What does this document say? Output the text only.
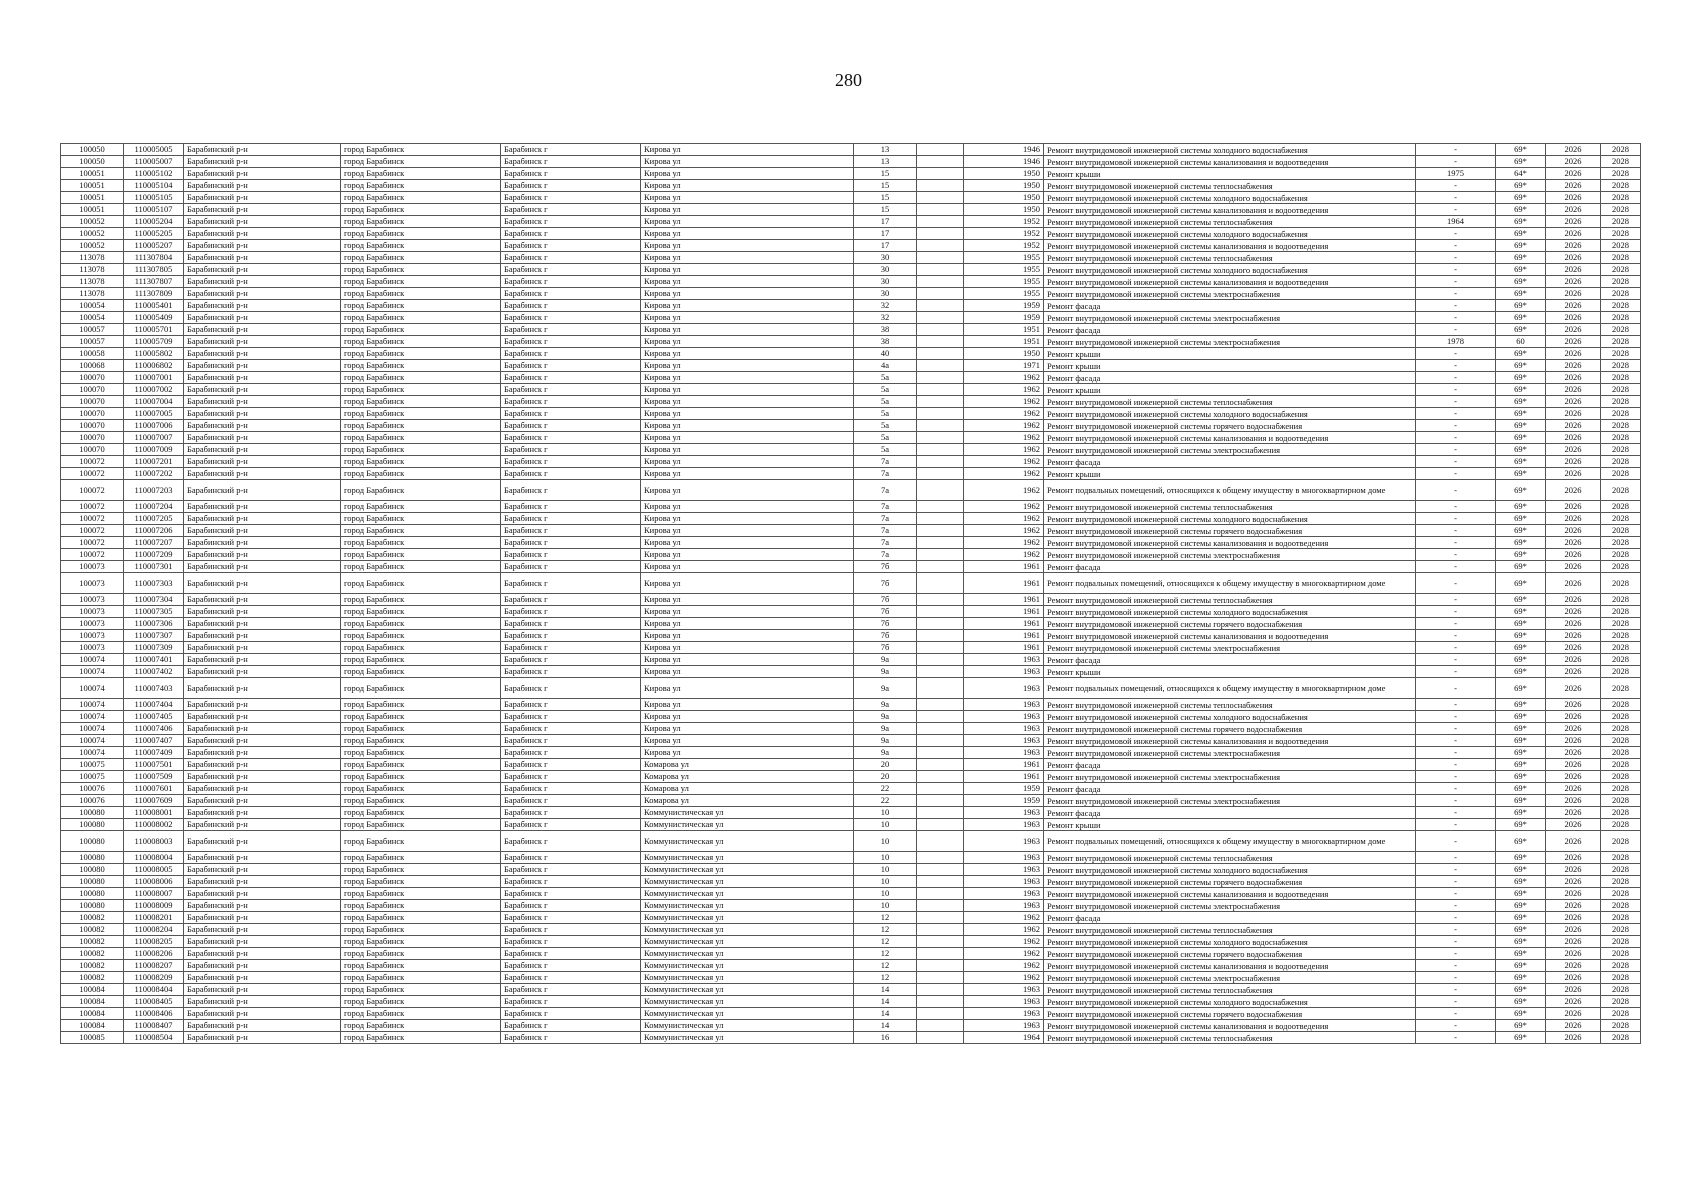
280
100050	110005005	Барабинский р-н	город Барабинск	Барабинск г	Кирова ул	13		1946	Ремонт внутридомовой инженерной системы холодного водоснабжения	-	69*	2026	2028
100050	110005007	Барабинский р-н	город Барабинск	Барабинск г	Кирова ул	13		1946	Ремонт внутридомовой инженерной системы канализования и водоотведения	-	69*	2026	2028
100051	110005102	Барабинский р-н	город Барабинск	Барабинск г	Кирова ул	15		1950	Ремонт крыши	1975	64*	2026	2028
100051	110005104	Барабинский р-н	город Барабинск	Барабинск г	Кирова ул	15		1950	Ремонт внутридомовой инженерной системы теплоснабжения	-	69*	2026	2028
100051	110005105	Барабинский р-н	город Барабинск	Барабинск г	Кирова ул	15		1950	Ремонт внутридомовой инженерной системы холодного водоснабжения	-	69*	2026	2028
100051	110005107	Барабинский р-н	город Барабинск	Барабинск г	Кирова ул	15		1950	Ремонт внутридомовой инженерной системы канализования и водоотведения	-	69*	2026	2028
100052	110005204	Барабинский р-н	город Барабинск	Барабинск г	Кирова ул	17		1952	Ремонт внутридомовой инженерной системы теплоснабжения	1964	69*	2026	2028
100052	110005205	Барабинский р-н	город Барабинск	Барабинск г	Кирова ул	17		1952	Ремонт внутридомовой инженерной системы холодного водоснабжения	-	69*	2026	2028
100052	110005207	Барабинский р-н	город Барабинск	Барабинск г	Кирова ул	17		1952	Ремонт внутридомовой инженерной системы канализования и водоотведения	-	69*	2026	2028
113078	111307804	Барабинский р-н	город Барабинск	Барабинск г	Кирова ул	30		1955	Ремонт внутридомовой инженерной системы теплоснабжения	-	69*	2026	2028
113078	111307805	Барабинский р-н	город Барабинск	Барабинск г	Кирова ул	30		1955	Ремонт внутридомовой инженерной системы холодного водоснабжения	-	69*	2026	2028
113078	111307807	Барабинский р-н	город Барабинск	Барабинск г	Кирова ул	30		1955	Ремонт внутридомовой инженерной системы канализования и водоотведения	-	69*	2026	2028
113078	111307809	Барабинский р-н	город Барабинск	Барабинск г	Кирова ул	30		1955	Ремонт внутридомовой инженерной системы электроснабжения	-	69*	2026	2028
100054	110005401	Барабинский р-н	город Барабинск	Барабинск г	Кирова ул	32		1959	Ремонт фасада	-	69*	2026	2028
100054	110005409	Барабинский р-н	город Барабинск	Барабинск г	Кирова ул	32		1959	Ремонт внутридомовой инженерной системы электроснабжения	-	69*	2026	2028
100057	110005701	Барабинский р-н	город Барабинск	Барабинск г	Кирова ул	38		1951	Ремонт фасада	-	69*	2026	2028
100057	110005709	Барабинский р-н	город Барабинск	Барабинск г	Кирова ул	38		1951	Ремонт внутридомовой инженерной системы электроснабжения	1978	60	2026	2028
100058	110005802	Барабинский р-н	город Барабинск	Барабинск г	Кирова ул	40		1950	Ремонт крыши	-	69*	2026	2028
100068	110006802	Барабинский р-н	город Барабинск	Барабинск г	Кирова ул	4а		1971	Ремонт крыши	-	69*	2026	2028
100070	110007001	Барабинский р-н	город Барабинск	Барабинск г	Кирова ул	5а		1962	Ремонт фасада	-	69*	2026	2028
100070	110007002	Барабинский р-н	город Барабинск	Барабинск г	Кирова ул	5а		1962	Ремонт крыши	-	69*	2026	2028
100070	110007004	Барабинский р-н	город Барабинск	Барабинск г	Кирова ул	5а		1962	Ремонт внутридомовой инженерной системы теплоснабжения	-	69*	2026	2028
100070	110007005	Барабинский р-н	город Барабинск	Барабинск г	Кирова ул	5а		1962	Ремонт внутридомовой инженерной системы холодного водоснабжения	-	69*	2026	2028
100070	110007006	Барабинский р-н	город Барабинск	Барабинск г	Кирова ул	5а		1962	Ремонт внутридомовой инженерной системы горячего водоснабжения	-	69*	2026	2028
100070	110007007	Барабинский р-н	город Барабинск	Барабинск г	Кирова ул	5а		1962	Ремонт внутридомовой инженерной системы канализования и водоотведения	-	69*	2026	2028
100070	110007009	Барабинский р-н	город Барабинск	Барабинск г	Кирова ул	5а		1962	Ремонт внутридомовой инженерной системы электроснабжения	-	69*	2026	2028
100072	110007201	Барабинский р-н	город Барабинск	Барабинск г	Кирова ул	7а		1962	Ремонт фасада	-	69*	2026	2028
100072	110007202	Барабинский р-н	город Барабинск	Барабинск г	Кирова ул	7а		1962	Ремонт крыши	-	69*	2026	2028
100072	110007203	Барабинский р-н	город Барабинск	Барабинск г	Кирова ул	7а		1962	Ремонт подвальных помещений, относящихся к общему имуществу в многоквартирном доме	-	69*	2026	2028
100072	110007204	Барабинский р-н	город Барабинск	Барабинск г	Кирова ул	7а		1962	Ремонт внутридомовой инженерной системы теплоснабжения	-	69*	2026	2028
100072	110007205	Барабинский р-н	город Барабинск	Барабинск г	Кирова ул	7а		1962	Ремонт внутридомовой инженерной системы холодного водоснабжения	-	69*	2026	2028
100072	110007206	Барабинский р-н	город Барабинск	Барабинск г	Кирова ул	7а		1962	Ремонт внутридомовой инженерной системы горячего водоснабжения	-	69*	2026	2028
100072	110007207	Барабинский р-н	город Барабинск	Барабинск г	Кирова ул	7а		1962	Ремонт внутридомовой инженерной системы канализования и водоотведения	-	69*	2026	2028
100072	110007209	Барабинский р-н	город Барабинск	Барабинск г	Кирова ул	7а		1962	Ремонт внутридомовой инженерной системы электроснабжения	-	69*	2026	2028
100073	110007301	Барабинский р-н	город Барабинск	Барабинск г	Кирова ул	7б		1961	Ремонт фасада	-	69*	2026	2028
100073	110007303	Барабинский р-н	город Барабинск	Барабинск г	Кирова ул	7б		1961	Ремонт подвальных помещений, относящихся к общему имуществу в многоквартирном доме	-	69*	2026	2028
100073	110007304	Барабинский р-н	город Барабинск	Барабинск г	Кирова ул	7б		1961	Ремонт внутридомовой инженерной системы теплоснабжения	-	69*	2026	2028
100073	110007305	Барабинский р-н	город Барабинск	Барабинск г	Кирова ул	7б		1961	Ремонт внутридомовой инженерной системы холодного водоснабжения	-	69*	2026	2028
100073	110007306	Барабинский р-н	город Барабинск	Барабинск г	Кирова ул	7б		1961	Ремонт внутридомовой инженерной системы горячего водоснабжения	-	69*	2026	2028
100073	110007307	Барабинский р-н	город Барабинск	Барабинск г	Кирова ул	7б		1961	Ремонт внутридомовой инженерной системы канализования и водоотведения	-	69*	2026	2028
100073	110007309	Барабинский р-н	город Барабинск	Барабинск г	Кирова ул	7б		1961	Ремонт внутридомовой инженерной системы электроснабжения	-	69*	2026	2028
100074	110007401	Барабинский р-н	город Барабинск	Барабинск г	Кирова ул	9а		1963	Ремонт фасада	-	69*	2026	2028
100074	110007402	Барабинский р-н	город Барабинск	Барабинск г	Кирова ул	9а		1963	Ремонт крыши	-	69*	2026	2028
100074	110007403	Барабинский р-н	город Барабинск	Барабинск г	Кирова ул	9а		1963	Ремонт подвальных помещений, относящихся к общему имуществу в многоквартирном доме	-	69*	2026	2028
100074	110007404	Барабинский р-н	город Барабинск	Барабинск г	Кирова ул	9а		1963	Ремонт внутридомовой инженерной системы теплоснабжения	-	69*	2026	2028
100074	110007405	Барабинский р-н	город Барабинск	Барабинск г	Кирова ул	9а		1963	Ремонт внутридомовой инженерной системы холодного водоснабжения	-	69*	2026	2028
100074	110007406	Барабинский р-н	город Барабинск	Барабинск г	Кирова ул	9а		1963	Ремонт внутридомовой инженерной системы горячего водоснабжения	-	69*	2026	2028
100074	110007407	Барабинский р-н	город Барабинск	Барабинск г	Кирова ул	9а		1963	Ремонт внутридомовой инженерной системы канализования и водоотведения	-	69*	2026	2028
100074	110007409	Барабинский р-н	город Барабинск	Барабинск г	Кирова ул	9а		1963	Ремонт внутридомовой инженерной системы электроснабжения	-	69*	2026	2028
100075	110007501	Барабинский р-н	город Барабинск	Барабинск г	Комарова ул	20		1961	Ремонт фасада	-	69*	2026	2028
100075	110007509	Барабинский р-н	город Барабинск	Барабинск г	Комарова ул	20		1961	Ремонт внутридомовой инженерной системы электроснабжения	-	69*	2026	2028
100076	110007601	Барабинский р-н	город Барабинск	Барабинск г	Комарова ул	22		1959	Ремонт фасада	-	69*	2026	2028
100076	110007609	Барабинский р-н	город Барабинск	Барабинск г	Комарова ул	22		1959	Ремонт внутридомовой инженерной системы электроснабжения	-	69*	2026	2028
100080	110008001	Барабинский р-н	город Барабинск	Барабинск г	Коммунистическая ул	10		1963	Ремонт фасада	-	69*	2026	2028
100080	110008002	Барабинский р-н	город Барабинск	Барабинск г	Коммунистическая ул	10		1963	Ремонт крыши	-	69*	2026	2028
100080	110008003	Барабинский р-н	город Барабинск	Барабинск г	Коммунистическая ул	10		1963	Ремонт подвальных помещений, относящихся к общему имуществу в многоквартирном доме	-	69*	2026	2028
100080	110008004	Барабинский р-н	город Барабинск	Барабинск г	Коммунистическая ул	10		1963	Ремонт внутридомовой инженерной системы теплоснабжения	-	69*	2026	2028
100080	110008005	Барабинский р-н	город Барабинск	Барабинск г	Коммунистическая ул	10		1963	Ремонт внутридомовой инженерной системы холодного водоснабжения	-	69*	2026	2028
100080	110008006	Барабинский р-н	город Барабинск	Барабинск г	Коммунистическая ул	10		1963	Ремонт внутридомовой инженерной системы горячего водоснабжения	-	69*	2026	2028
100080	110008007	Барабинский р-н	город Барабинск	Барабинск г	Коммунистическая ул	10		1963	Ремонт внутридомовой инженерной системы канализования и водоотведения	-	69*	2026	2028
100080	110008009	Барабинский р-н	город Барабинск	Барабинск г	Коммунистическая ул	10		1963	Ремонт внутридомовой инженерной системы электроснабжения	-	69*	2026	2028
100082	110008201	Барабинский р-н	город Барабинск	Барабинск г	Коммунистическая ул	12		1962	Ремонт фасада	-	69*	2026	2028
100082	110008204	Барабинский р-н	город Барабинск	Барабинск г	Коммунистическая ул	12		1962	Ремонт внутридомовой инженерной системы теплоснабжения	-	69*	2026	2028
100082	110008205	Барабинский р-н	город Барабинск	Барабинск г	Коммунистическая ул	12		1962	Ремонт внутридомовой инженерной системы холодного водоснабжения	-	69*	2026	2028
100082	110008206	Барабинский р-н	город Барабинск	Барабинск г	Коммунистическая ул	12		1962	Ремонт внутридомовой инженерной системы горячего водоснабжения	-	69*	2026	2028
100082	110008207	Барабинский р-н	город Барабинск	Барабинск г	Коммунистическая ул	12		1962	Ремонт внутридомовой инженерной системы канализования и водоотведения	-	69*	2026	2028
100082	110008209	Барабинский р-н	город Барабинск	Барабинск г	Коммунистическая ул	12		1962	Ремонт внутридомовой инженерной системы электроснабжения	-	69*	2026	2028
100084	110008404	Барабинский р-н	город Барабинск	Барабинск г	Коммунистическая ул	14		1963	Ремонт внутридомовой инженерной системы теплоснабжения	-	69*	2026	2028
100084	110008405	Барабинский р-н	город Барабинск	Барабинск г	Коммунистическая ул	14		1963	Ремонт внутридомовой инженерной системы холодного водоснабжения	-	69*	2026	2028
100084	110008406	Барабинский р-н	город Барабинск	Барабинск г	Коммунистическая ул	14		1963	Ремонт внутридомовой инженерной системы горячего водоснабжения	-	69*	2026	2028
100084	110008407	Барабинский р-н	город Барабинск	Барабинск г	Коммунистическая ул	14		1963	Ремонт внутридомовой инженерной системы канализования и водоотведения	-	69*	2026	2028
100085	110008504	Барабинский р-н	город Барабинск	Барабинск г	Коммунистическая ул	16		1964	Ремонт внутридомовой инженерной системы теплоснабжения	-	69*	2026	2028
